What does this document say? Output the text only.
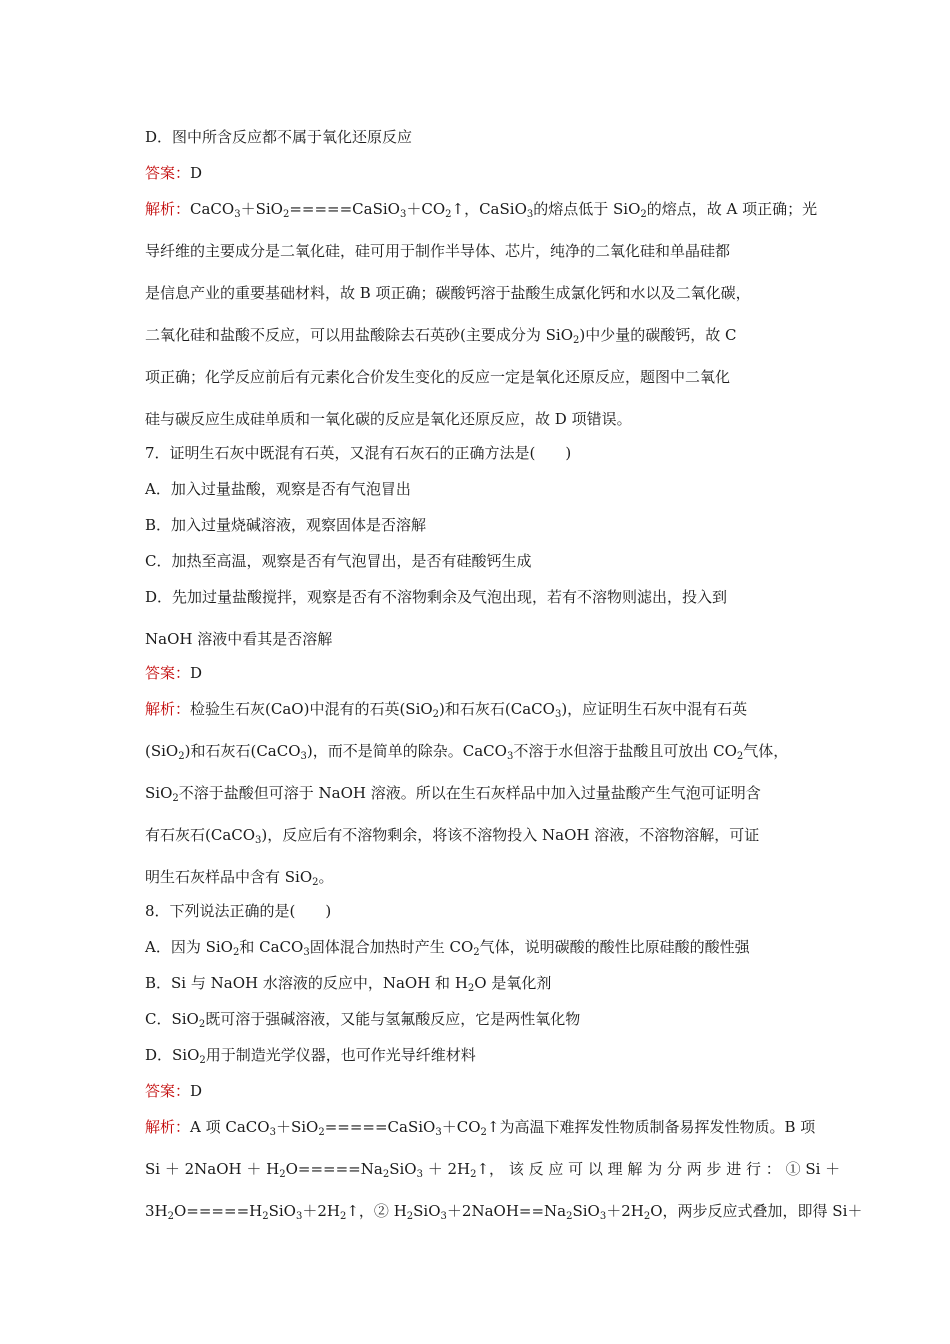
D．图中所含反应都不属于氧化还原反应
答案：D
解析：$CaCO_3+SiO_2=====CaSiO_3+CO_2↑$，CaSiO$_3$的熔点低于 SiO$_2$的熔点，故 A 项正确；光
导纤维的主要成分是二氧化硅，硅可用于制作半导体、芯片，纯净的二氧化硅和单晶硅都
是信息产业的重要基础材料，故 B 项正确；碳酸钙溶于盐酸生成氯化钙和水以及二氧化碳，
二氧化硅和盐酸不反应，可以用盐酸除去石英砂(主要成分为 SiO$_2$)中少量的碳酸钙，故 C
项正确；化学反应前后有元素化合价发生变化的反应一定是氧化还原反应，题图中二氧化
硅与碳反应生成硅单质和一氧化碳的反应是氧化还原反应，故 D 项错误。
7．证明生石灰中既混有石英，又混有石灰石的正确方法是(　　)
A．加入过量盐酸，观察是否有气泡冒出
B．加入过量烧碱溶液，观察固体是否溶解
C．加热至高温，观察是否有气泡冒出，是否有硅酸钙生成
D．先加过量盐酸搅拌，观察是否有不溶物剩余及气泡出现，若有不溶物则滤出，投入到
NaOH 溶液中看其是否溶解
答案：D
解析：检验生石灰(CaO)中混有的石英(SiO$_2$)和石灰石(CaCO$_3$)，应证明生石灰中混有石英
(SiO$_2$)和石灰石(CaCO$_3$)，而不是简单的除杂。CaCO$_3$不溶于水但溶于盐酸且可放出 $CO_2$气体，
SiO$_2$不溶于盐酸但可溶于 NaOH 溶液。所以在生石灰样品中加入过量盐酸产生气泡可证明含
有石灰石(CaCO$_3$)，反应后有不溶物剩余，将该不溶物投入 NaOH 溶液，不溶物溶解，可证
明生石灰样品中含有 SiO$_2$。
8．下列说法正确的是(　　)
A．因为 SiO$_2$和 CaCO$_3$固体混合加热时产生 $CO_2$气体，说明碳酸的酸性比原硅酸的酸性强
B．Si 与 NaOH 水溶液的反应中，NaOH 和 $H_2O$ 是氧化剂
C．SiO$_2$既可溶于强碱溶液，又能与氢氟酸反应，它是两性氧化物
D．SiO$_2$用于制造光学仪器，也可作光导纤维材料
答案：D
解析：A 项 $CaCO_3+SiO_2=====CaSiO_3+CO_2↑$为高温下难挥发性物质制备易挥发性物质。B 项
Si ＋ 2NaOH ＋ $H_2O=====Na_2SiO_3$ ＋ $2H_2↑$， 该 反 应 可 以 理 解 为 分 两 步 进 行 ： ① Si ＋
$3H_2O=====H_2SiO_3+2H_2↑$，② $H_2SiO_3+2NaOH==Na_2SiO_3+2H_2O$，两步反应式叠加，即得 Si＋
